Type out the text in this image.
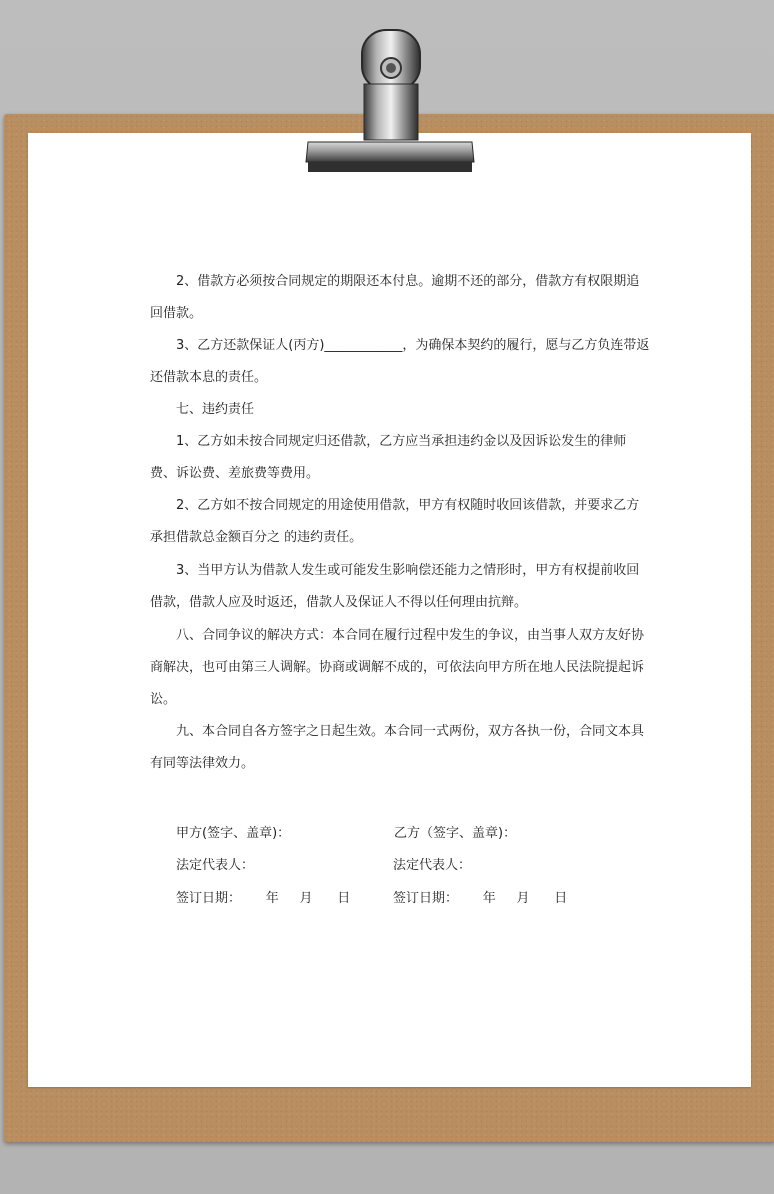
　　2、借款方必须按合同规定的期限还本付息。逾期不还的部分，借款方有权限期追
回借款。

　　3、乙方还款保证人(丙方)____________，为确保本契约的履行，愿与乙方负连带返
还借款本息的责任。

　　七、违约责任

　　1、乙方如未按合同规定归还借款，乙方应当承担违约金以及因诉讼发生的律师
费、诉讼费、差旅费等费用。

　　2、乙方如不按合同规定的用途使用借款，甲方有权随时收回该借款，并要求乙方
承担借款总金额百分之 的违约责任。

　　3、当甲方认为借款人发生或可能发生影响偿还能力之情形时，甲方有权提前收回
借款，借款人应及时返还，借款人及保证人不得以任何理由抗辩。

　　八、合同争议的解决方式：本合同在履行过程中发生的争议，由当事人双方友好协
商解决，也可由第三人调解。协商或调解不成的，可依法向甲方所在地人民法院提起诉
讼。

　　九、本合同自各方签字之日起生效。本合同一式两份，双方各执一份，合同文本具
有同等法律效力。

甲方(签字、盖章)：	乙方（签字、盖章)：

法定代表人：	法定代表人：

签订日期：      年     月      日	签订日期：      年     月      日
